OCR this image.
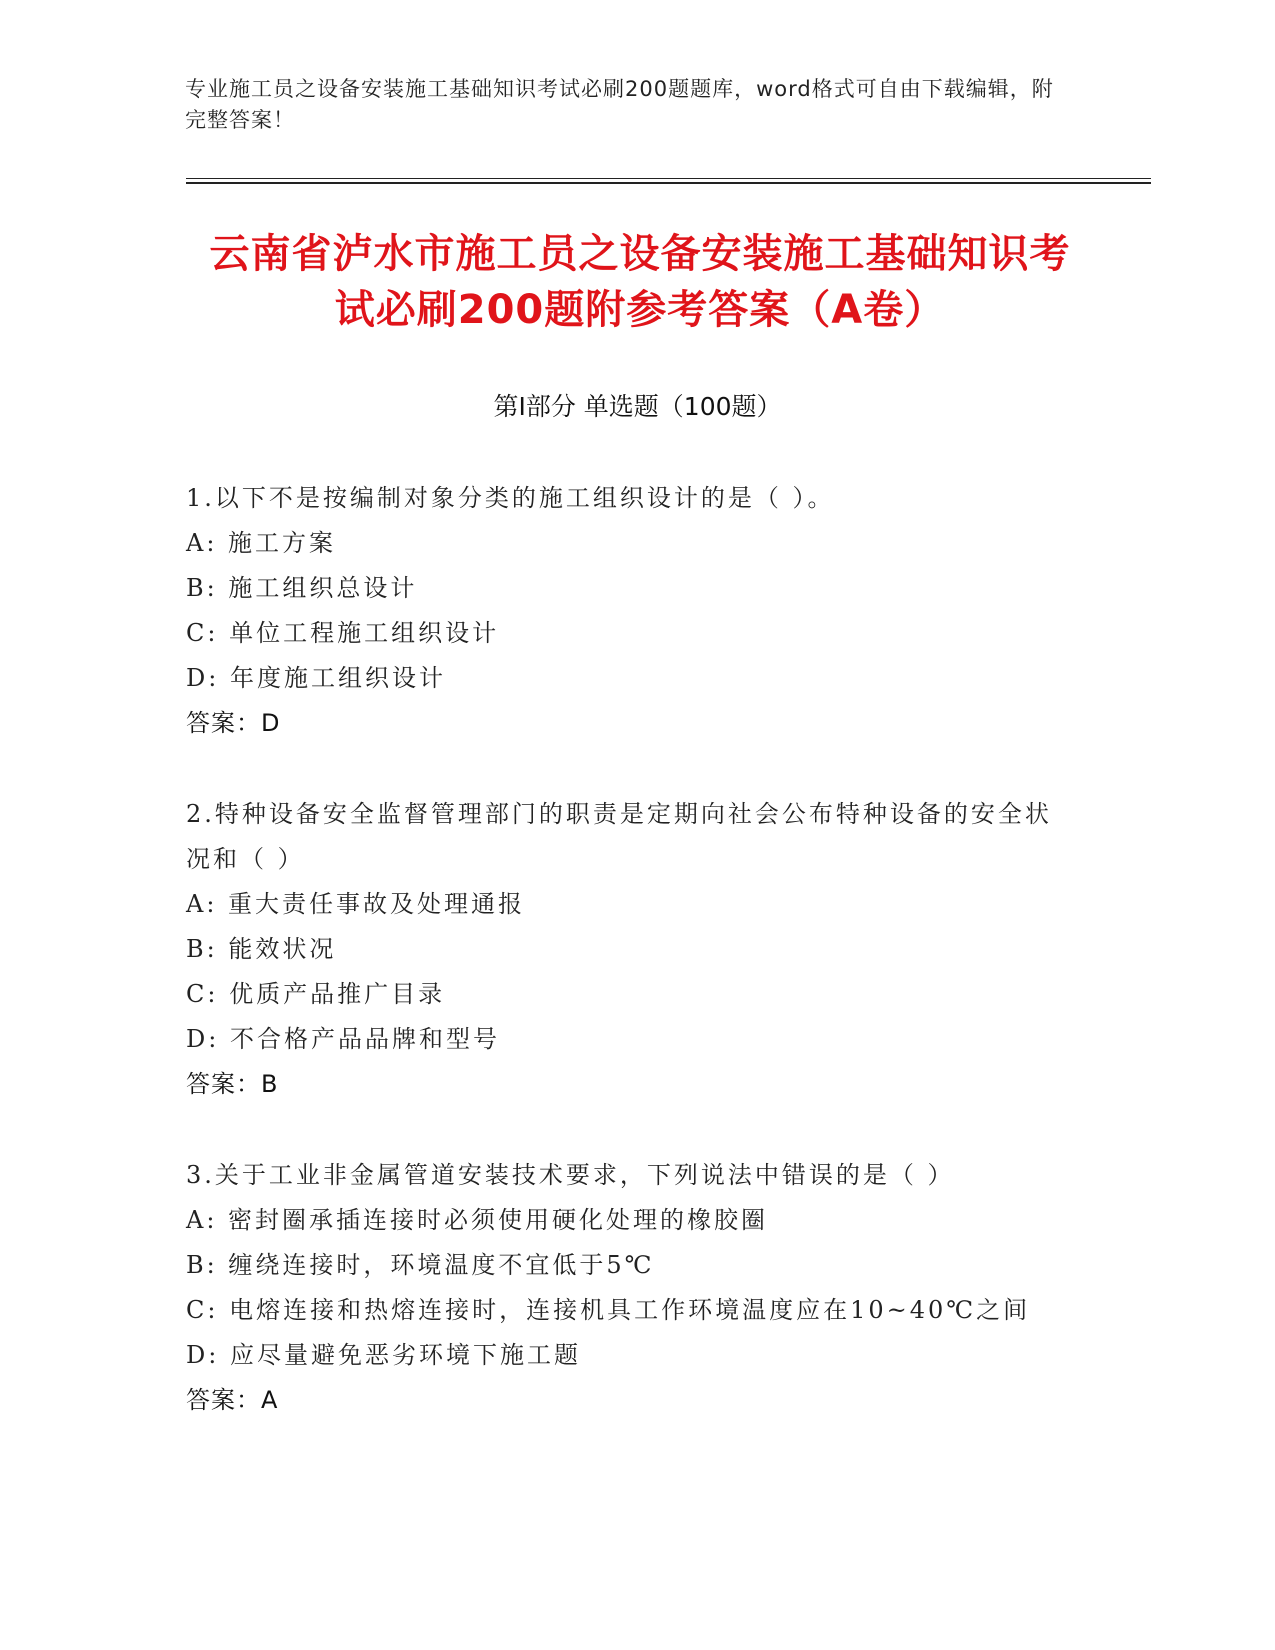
专业施工员之设备安装施工基础知识考试必刷200题题库，word格式可自由下载编辑，附完整答案！
云南省泸水市施工员之设备安装施工基础知识考试必刷200题附参考答案（A卷）
第I部分 单选题（100题）
1.以下不是按编制对象分类的施工组织设计的是（ ）。
A: 施工方案
B: 施工组织总设计
C: 单位工程施工组织设计
D: 年度施工组织设计
答案：D
2.特种设备安全监督管理部门的职责是定期向社会公布特种设备的安全状况和（ ）
A: 重大责任事故及处理通报
B: 能效状况
C: 优质产品推广目录
D: 不合格产品品牌和型号
答案：B
3.关于工业非金属管道安装技术要求，下列说法中错误的是（ ）
A: 密封圈承插连接时必须使用硬化处理的橡胶圈
B: 缠绕连接时，环境温度不宜低于5℃
C: 电熔连接和热熔连接时，连接机具工作环境温度应在10~40℃之间
D: 应尽量避免恶劣环境下施工题
答案：A
